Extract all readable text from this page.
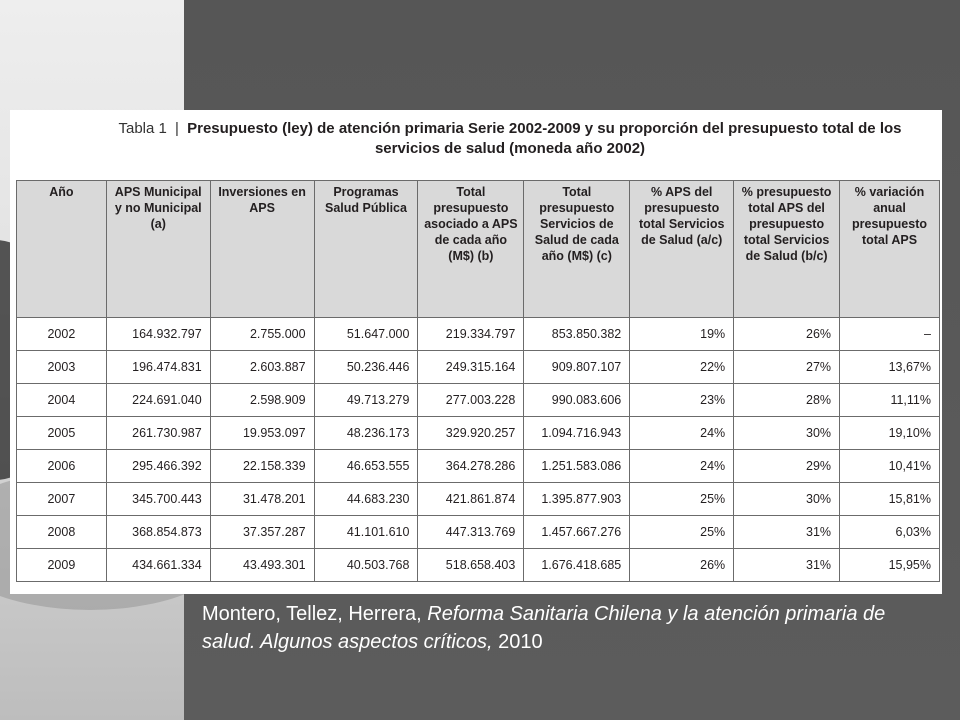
Tabla 1 | Presupuesto (ley) de atención primaria Serie 2002-2009 y su proporción del presupuesto total de los servicios de salud (moneda año 2002)
Año	APS Municipal y no Municipal (a)	Inversiones en APS	Programas Salud Pública	Total presupuesto asociado a APS de cada año (M$) (b)	Total presupuesto Servicios de Salud de cada año (M$) (c)	% APS del presupuesto total Servicios de Salud (a/c)	% presupuesto total APS del presupuesto total Servicios de Salud (b/c)	% variación anual presupuesto total APS
2002	164.932.797	2.755.000	51.647.000	219.334.797	853.850.382	19%	26%	–
2003	196.474.831	2.603.887	50.236.446	249.315.164	909.807.107	22%	27%	13,67%
2004	224.691.040	2.598.909	49.713.279	277.003.228	990.083.606	23%	28%	11,11%
2005	261.730.987	19.953.097	48.236.173	329.920.257	1.094.716.943	24%	30%	19,10%
2006	295.466.392	22.158.339	46.653.555	364.278.286	1.251.583.086	24%	29%	10,41%
2007	345.700.443	31.478.201	44.683.230	421.861.874	1.395.877.903	25%	30%	15,81%
2008	368.854.873	37.357.287	41.101.610	447.313.769	1.457.667.276	25%	31%	6,03%
2009	434.661.334	43.493.301	40.503.768	518.658.403	1.676.418.685	26%	31%	15,95%
Montero, Tellez, Herrera, Reforma Sanitaria Chilena y la atención primaria de salud. Algunos aspectos críticos, 2010
